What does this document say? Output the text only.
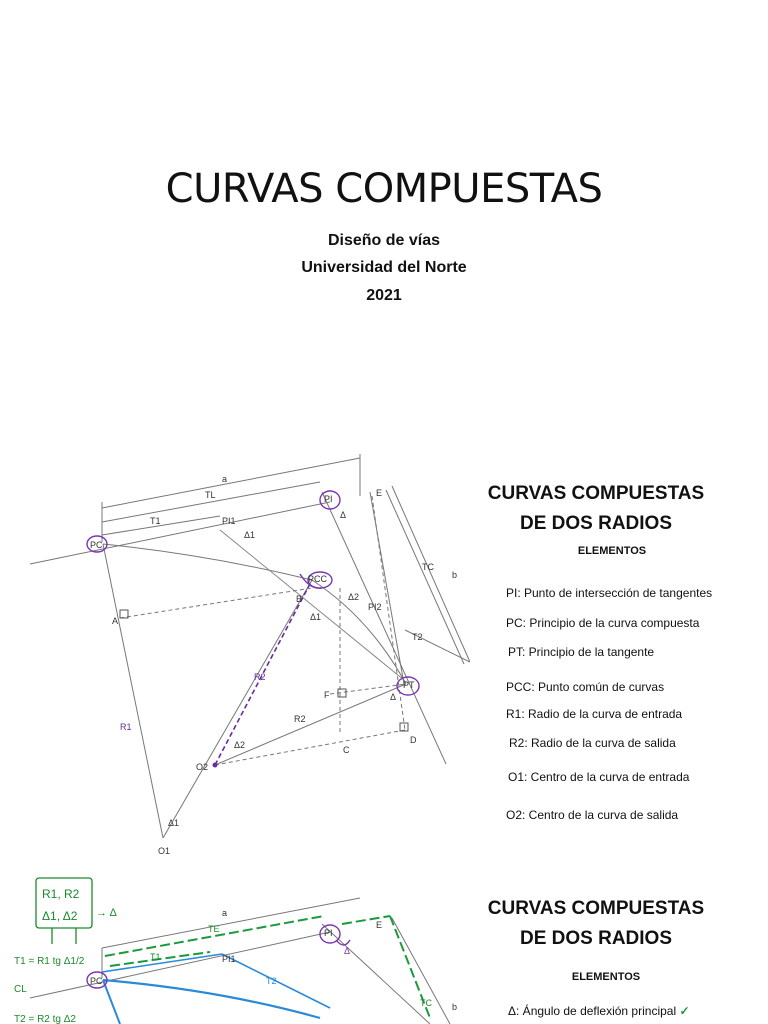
CURVAS COMPUESTAS
Diseño de vías
Universidad del Norte
2021
a
TL
T1
PI
PI1
E
PC
Δ
Δ1
PCC
B	Δ2
PI2
TC
b
T2
PT
Δ
A	Δ1
R2
F
R1
R2
C
D
Δ2
O2
Δ1
O1
CURVAS COMPUESTAS
DE DOS RADIOS
ELEMENTOS
PI: Punto de intersección de tangentes
PC: Principio de la curva compuesta
PT: Principio de la tangente
PCC: Punto común de curvas
R1: Radio de la curva de entrada
R2: Radio de la curva de salida
O1: Centro de la curva de entrada
O2: Centro de la curva de salida
R1, R2
Δ1, Δ2 → Δ
T1 = R1 tg Δ1/2
CL
T2 = R2 tg Δ2
a
TE
T1	PI1
PI
E
PC	T2
TC b
Δ
CURVAS COMPUESTAS
DE DOS RADIOS
ELEMENTOS
Δ: Ángulo de deflexión principal ✓
